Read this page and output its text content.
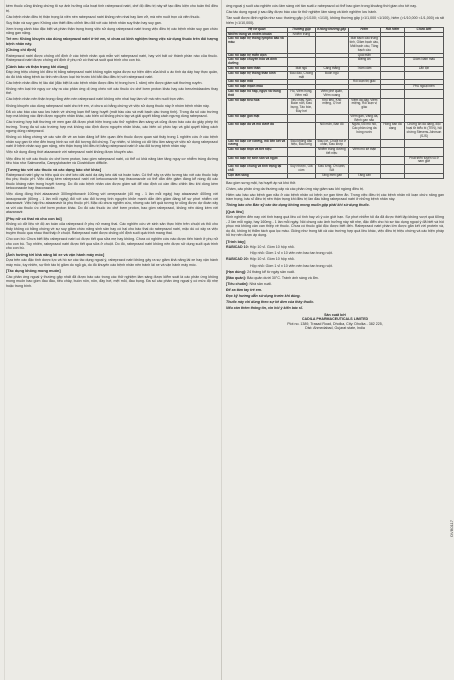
kém thuốc cũng không chứng tỏ sự ảnh hưởng của hoạt tính rabeprazol natri, chế độ điều trị này sẽ tạo điều kiện cho tuân thủ điều trị.

Các bệnh nhân điều trị thận trọng là viên nén rabeprazol natri không nên nhai hay làm vỡ, mà nên nuốt trọn cả viên thuốc.

Suy thận và suy gan: Không cần thiết điều chỉnh liều đối với các bệnh nhân suy thận hay suy gan.

Xem trong cảnh báo đặc biệt và phần thận trọng trong việc sử dụng rabeprazol natri trong việc điều trị các bệnh nhân suy gan chức năng gan nặng.

Trẻ em: Không khuyến cáo dùng rabeprazol natri ở trẻ em, vì chưa có kinh nghiệm trong việc sử dụng thuốc trên đối tượng bệnh nhân này.

[Chống chỉ định]

Rabeprazol natri được chống chỉ định ở các bệnh nhân quá mẫn với rabeprazol natri, hay với bất cứ thành phần nào của thuốc. Rabeprazol natri được chống chỉ định ở phụ nữ có thai và suốt quá trình cho con bú.

[Cảnh báo và thận trọng khi dùng]

Đáp ứng triệu chứng khi điều trị bằng rabeprazol natri không ngăn ngừa được sự hiện diện của khối u ác tính dạ dày hay thực quản, do đó khả năng bệnh ác tính nên được loại trừ trước khi bắt đầu điều trị với rabeprazol natri.

Các bệnh nhân điều trị lâu dài (đặc biệt là các bệnh nhân được điều trị trong hơn 1 năm) nên được giám sát thường xuyên.

Không nên loại trừ nguy cơ xảy ra các phản ứng dị ứng chéo với các thuốc ức chế bơm proton khác hay các benzimidazoles thay thế.

Các bệnh nhân nên thận trọng rằng viên nén rabeprazol natri không nên nhai hay làm vỡ mà nên nuốt trọn viên.

Không khuyến cáo dùng rabeprazol natri cho trẻ em, vì chưa có bằng chứng về việc sử dụng thuốc này ở nhóm bệnh nhân này.

Đã có các báo cáo sau lưu hành về chứng loạn thể tạng huyết (mất bầu cầu và mất bạch cầu trung tính). Trong đa số các trường hợp mà không xác định được nguyên nhân khác, các biến cố không phức tạp và giải quyết bằng cách ngưng dùng rabeprazol.

Các trường hợp bất thường về men gan đã được phát hiện trong các thử nghiệm lâm sàng và cũng được báo cáo do giấy phép thị trường. Trong đa số các trường hợp mà không xác định được nguyên nhân khác, các biến cố phức tạp và giải quyết bằng cách ngưng dùng rabeprazol.

Không có bằng chứng về các vấn đề về an toàn đáng kể liên quan đến thuốc được quan sát thấy trong 1 nghiên cứu ở các bệnh nhân suy gan từ nhẹ đến trung bình so với đối tượng đối chứng. Tuy nhiên, vì không có dữ liệu lâm sàng về việc sử dụng rabeprazol natri ở bệnh nhân suy gan nặng, nên thận trọng khi điều trị bằng rabeprazol natri ở các đối tượng bệnh nhân này.

Việc sử dụng đồng thời atazanavir với rabeprazol natri không được khuyến cáo.

Việc điều trị với các thuốc ức chế bơm proton, bao gồm rabeprazol natri, có thể có khả năng làm tăng nguy cơ nhiễm trùng đường tiêu hóa như Salmonella, Campylobacter và Clostridium difficile.

[Tương tác với các thuốc và các dạng bào chế khác]

Rabeprazol natri gây ra hiệu quả ức chế kéo dài acid dạ dày kéo dài và hoàn toàn. Có thể xảy ra việc tương tác với các thuốc hấp thu phụ thuộc pH. Việc dùng kèm rabeprazol natri với ketoconazole hay itraconazole có thể dẫn đến giảm đáng kể nồng độ các thuốc kháng nấm trong huyết tương. Do đó các bệnh nhân cần được giám sát để xác định có cần điều chỉnh liều khi dùng kèm ketoconazole hay itraconazole.

Việc dùng đồng thời atazanavir 300mg/ritonavir 100mg với omeprazole (40 mg - 1 lần mỗi ngày) hay atazanavir 400mg với lansoprazole (60mg - 1 lần mỗi ngày) đối với các đối tượng tình nguyện khỏe mạnh dẫn đến giảm đáng kể sự phơi nhiễm với atazanavir. Việc hấp thu atazanavir là phụ thuộc pH. Mặc dù chưa nghiên cứu, nhưng các kết quả tương tự cũng được dự đoán xảy ra với các thuốc ức chế bơm proton khác. Do đó các thuốc ức chế bơm proton, bao gồm rabeprazol, không nên dùng kèm với atazanavir.

[Phụ nữ có thai và cho con bú]

Không có dữ liệu về độ an toàn của rabeprazol ở phụ nữ mang thai. Các nghiên cứu về sinh sản thực hiện trên chuột và thỏ cho thấy không có bằng chứng về sự suy giảm chức năng sinh sản hay có hại cho bào thai do rabeprazol natri, mặc dù có xảy ra việc truyền thuốc qua nhau thai thấp ở chuột. Rabeprazol natri được chống chỉ định suốt quá trình mang thai.

Cho con bú: Chưa biết liệu rabeprazol natri có được tiết qua sữa mẹ hay không. Chưa có nghiên cứu nào được tiến hành ở phụ nữ cho con bú. Tuy nhiên, rabeprazol natri được tiết qua sữa ở chuột. Do đó, rabeprazol natri không nên được sử dụng suốt quá trình cho con bú.

[Ảnh hưởng tới khả năng lái xe và vận hành máy móc]

Dựa trên các đặc tính dược lực và hồ sơ các tác dụng ngoại ý, rabeprazol natri không gây ra sự giảm khả năng lái xe hay vận hành máy móc, tuy nhiên, sự tỉnh táo bị giảm do ngủ gà, do đó khuyến cáo bệnh nhân nên tránh lái xe và vận hành máy móc.

[Tác dụng không mong muốn]

Các phản ứng ngoại ý thường gặp nhất đã được báo cáo trong các thử nghiệm lâm sàng được kiểm soát là các phản ứng không mong muốn bao gồm đau đầu, tiêu chảy, buồn nôn, nôn, đầy hơi, mệt mỏi, đau bụng. Đa số các phản ứng ngoại ý có mức độ nhẹ hoặc trung bình.

ứng ngoại ý suốt các nghiên cứu lâm sàng với tần suất ≥ rabeprazol có thể bao gồm trong khoảng thời gian cho tới nay.

Các tác dụng ngoại ý sau đây được báo cáo từ thử nghiệm lâm sàng và kinh nghiệm lưu hành.

Tần suất được định nghĩa như sau: thường gặp (>1/100; <1/10), không thường gặp (>1/1,000 <1/100), hiếm (>1/10,000 <1/1,000) và rất hiếm (<1/10,000).

Hệ cơ quan	Thường gặp	Không thường gặp	Hiếm	Rất hiếm	Chưa biết
Nhiễm trùng và nhiễm khuẩn	Nhiễm trùng				
Các rối loạn hệ thống lympho bào và máu			Mất bạch cầu trung tính, Giảm bạch cầu, Mất bạch cầu, Tăng bạch cầu		
Các rối loạn hệ miễn dịch			Quá mẫn		
Các rối loạn chuyển hóa và dinh dưỡng			Biếng ăn		Giảm Natri máu
Các rối loạn tâm thần	Mất ngủ	Căng thẳng	Trầm cảm		Lẫn lộn
Các rối loạn hệ thống thần kinh	Đau đầu, Chóng mặt	Buồn ngủ			
Các rối loạn mắt			Rối loạn thị giác		
Các rối loạn mạch máu					Phù ngoại biên
Các rối loạn hô hấp, ngực và trung thất	Ho, Viêm họng, Viêm mũi	Viêm phế quản, Viêm xoang			
Các rối loạn tiêu hóa	Tiêu chảy, Nôn, Buồn nôn, Đau bụng, Táo bón, Đầy hơi	Khó tiêu, Khô miệng, Ợ hơi	Viêm dạ dày, Viêm miệng, Rối loạn vị giác		
Các rối loạn gan mật			Viêm gan, Vàng da, Bệnh gan não		
Các rối loạn da và mô dưới da		Nổi mẩn, Ban đỏ	Ngứa, Đổ mồ hôi, Các phản ứng da bóng nước	Hồng ban đa dạng	Chứng ăn da dạng, độc hoại tử biểu bì (TEN), hội chứng Stevens-Johnson (SJS)
Các rối loạn cơ xương, mô liên kết và xương	Đau không đặc hiệu, Đau lưng	Đau cơ, Chuột rút ở chân, Đau khớp			
Các rối loạn thận và tiết niệu		Nhiễm trùng đường tiết niệu	Viêm mô kẽ thận		
Các rối loạn hệ sinh sản và ngực					Phát triển tuyến vú ở nam giới
Các rối loạn chung và tình trạng tại chỗ	Suy nhược, Giả cúm	Đau lưng, Ớn lạnh, Sốt			
Cận lâm sàng		Tăng men gan	Tăng cân		

Bao gồm sưng mặt, hạ huyết áp và khó thở.

Chàm, các phản ứng da thường cấp và các phản ứng này giảm sau khi ngừng điều trị.

Hiếm các báo cáo bệnh gan não ở các bệnh nhân có bệnh xơ gan tiềm ẩn. Trong việc điều trị các bệnh nhân rối loạn chức năng gan trầm trọng, bác sĩ điều trị nên thận trọng khi điều trị lần đầu bằng rabeprazol natri ở những bệnh nhân này.

Thông báo cho Bác sỹ các tác dụng không mong muốn gặp phải khi sử dụng thuốc.

[Quá liều]

Kinh nghiệm đến nay với tình trạng quá liều cố tình hay vô ý còn giới hạn. Sự phơi nhiễm tối đa đã được thiết lập không vượt quá 60mg - 2 lần mỗi ngày, hay 160mg - 1 lần mỗi ngày. Nói chung các ảnh hưởng này rất nhẹ, đặc điển cho hồ sơ tác dụng ngoại ý đã biết và hồi phục mà không cần can thiệp về thuốc. Chưa có thuốc giải độc được biết đến. Rabeprazol natri phần lớn được gắn kết với protein và, do đó, không bị thẩm tách qua lọc máu. Giống như trong tất cả các trường hợp quá liều khác, việc điều trị triệu chứng và các biện pháp hỗ trợ nên được áp dụng.

[Trình bày]

RABICAD 10: Hộp 10 vỉ. Gồm 10 hộp nhỏ.

Hộp nhỏ: Gồm 1 vỉ x 10 viên nén bao tan trong ruột.

RABICAD 20: Hộp 10 vỉ. Gồm 10 hộp nhỏ.

Hộp nhỏ: Gồm 1 vỉ x 10 viên nén bao tan trong ruột.

[Hạn dùng]: 24 tháng kể từ ngày sản xuất.

[Bảo quản]: Bảo quản dưới 30°C. Tránh ánh sáng và ẩm.

[Tiêu chuẩn]: Nhà sản xuất.

Để xa tầm tay trẻ em.

Đọc kỹ hướng dẫn sử dụng trước khi dùng.

Thuốc này chỉ dùng theo sự kê đơn của thầy thuốc.

Nếu cần thêm thông tin, xin hỏi ý kiến bác sĩ.

Sản xuất bởi
CADILA PHARMACEUTICALS LIMITED
Plot no. 1389, Trasad Road, Dholka, City: Dholka - 382 225,
Dist: Ahmedabad, Gujarat state, India
OVB0117
